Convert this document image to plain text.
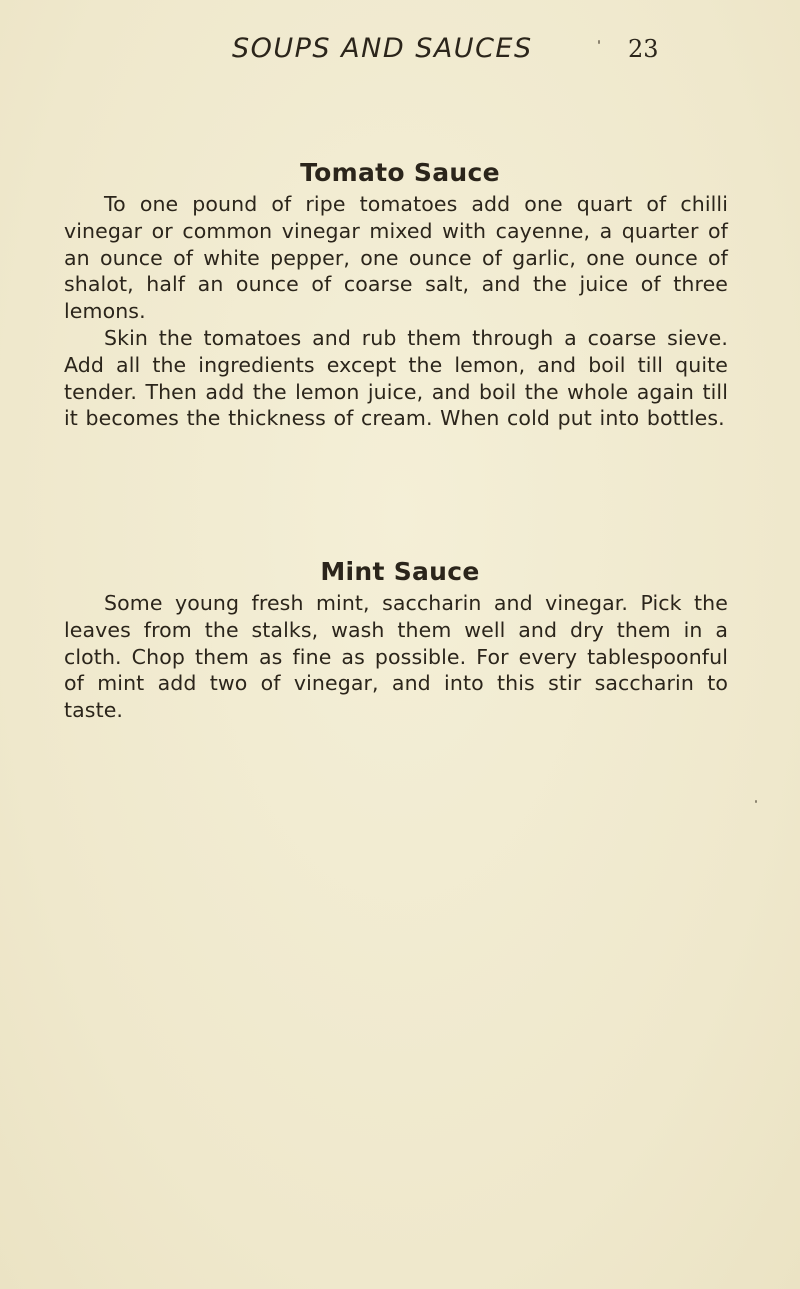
SOUPS AND SAUCES	23
Tomato Sauce

To one pound of ripe tomatoes add one quart of chilli vinegar or common vinegar mixed with cayenne, a quarter of an ounce of white pepper, one ounce of garlic, one ounce of shalot, half an ounce of coarse salt, and the juice of three lemons.

Skin the tomatoes and rub them through a coarse sieve. Add all the ingredients except the lemon, and boil till quite tender. Then add the lemon juice, and boil the whole again till it becomes the thickness of cream. When cold put into bottles.

Mint Sauce

Some young fresh mint, saccharin and vinegar. Pick the leaves from the stalks, wash them well and dry them in a cloth. Chop them as fine as possible. For every tablespoonful of mint add two of vinegar, and into this stir saccharin to taste.
